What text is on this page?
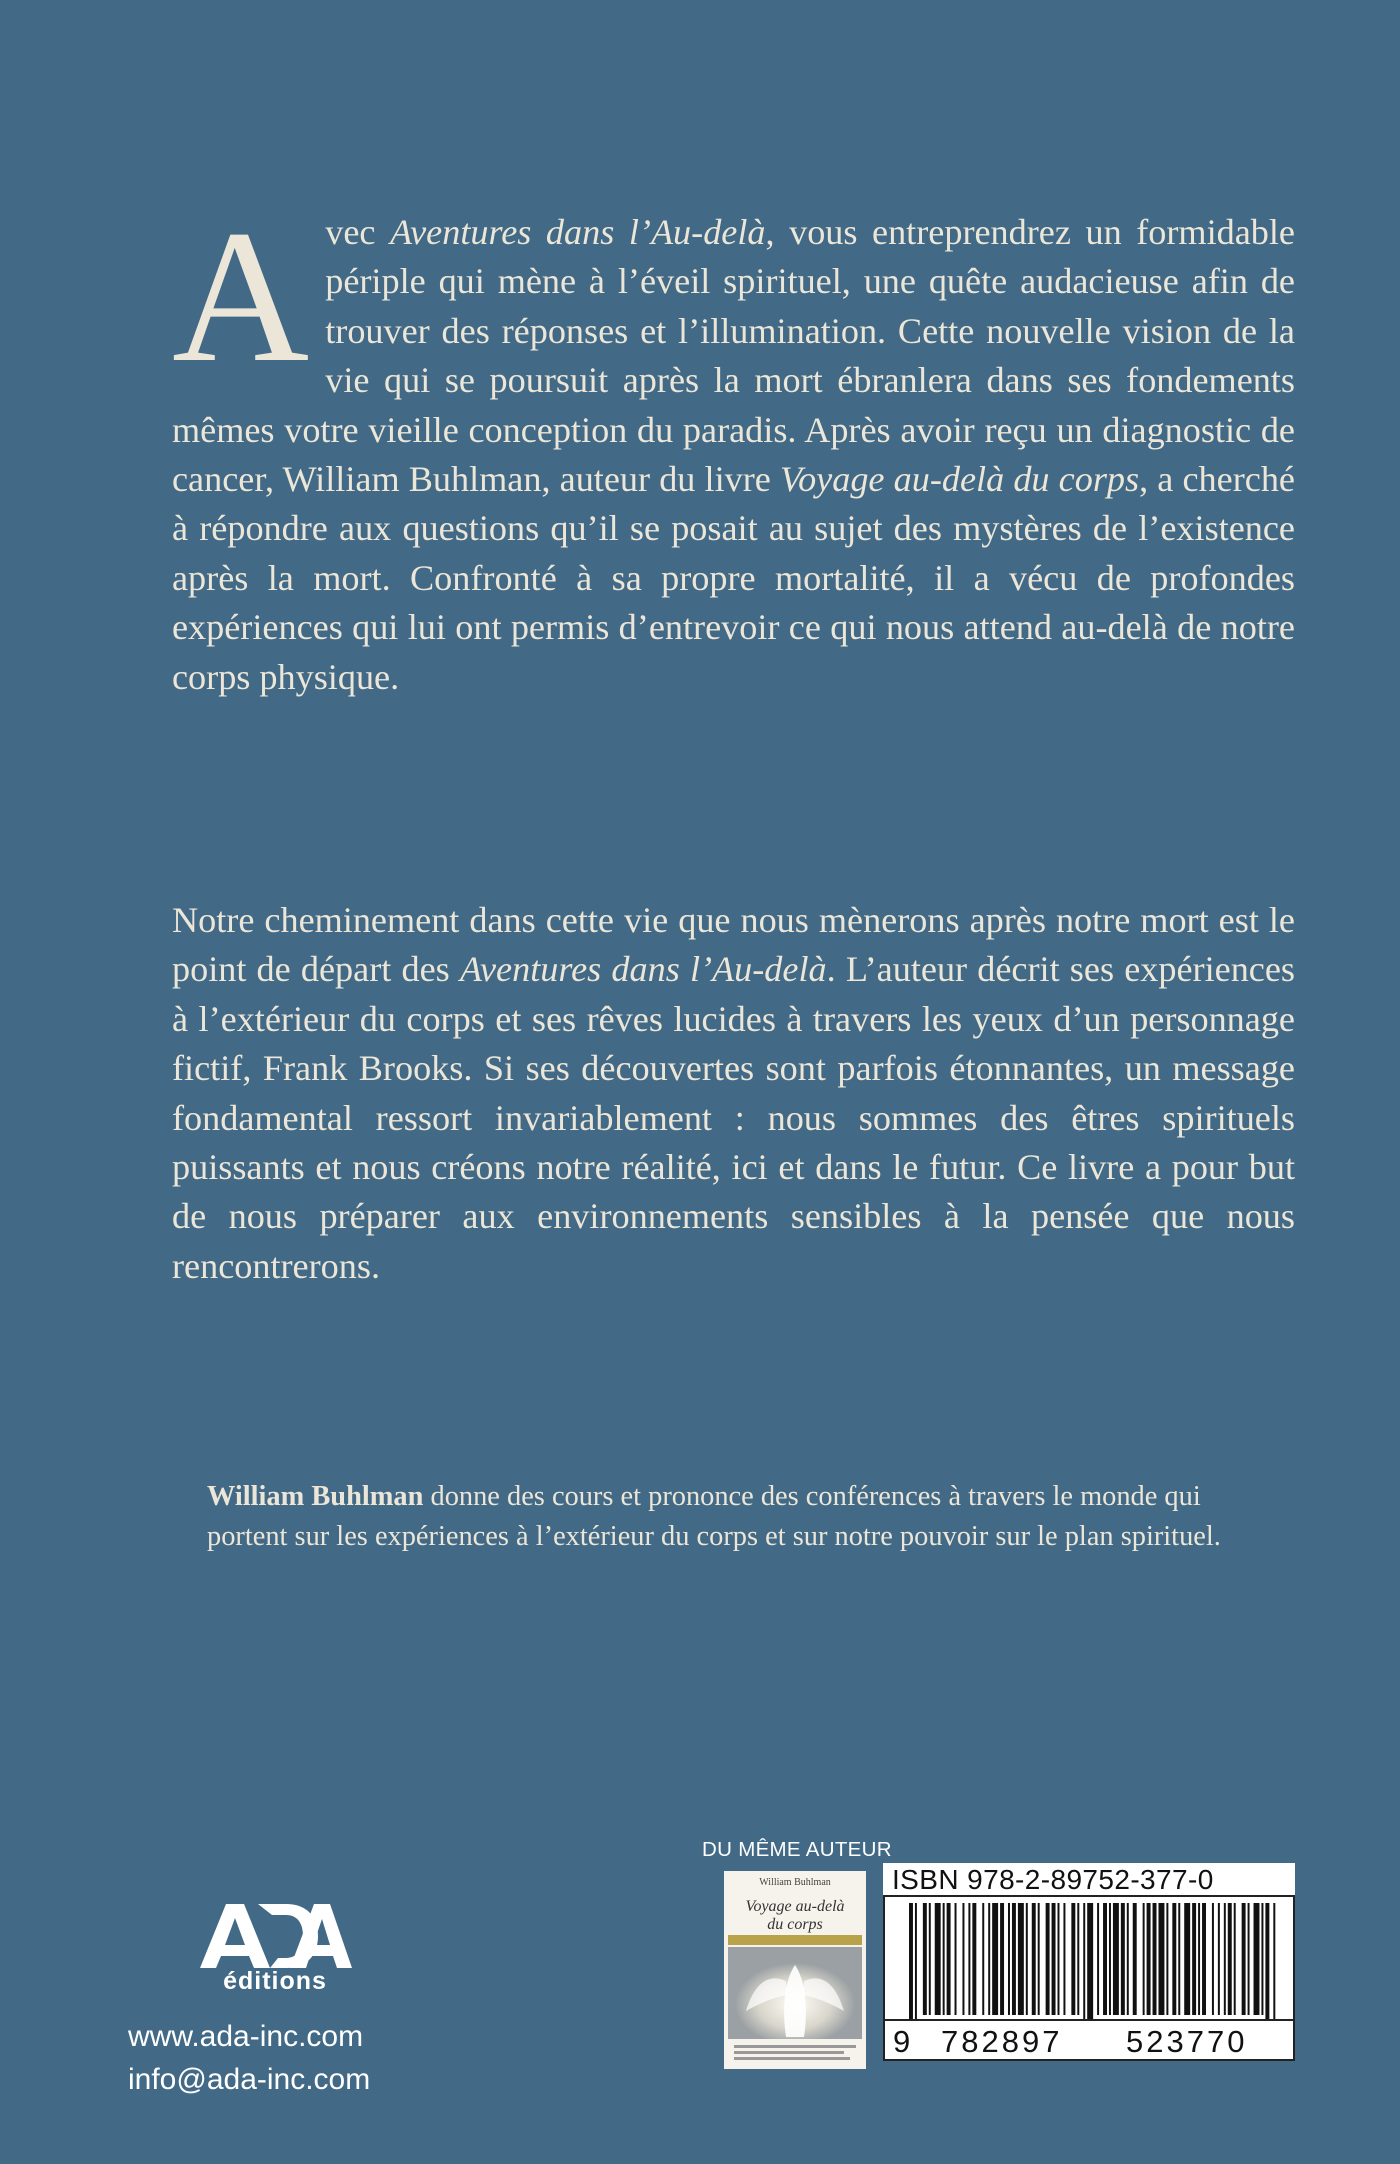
Avec Aventures dans l’Au-delà, vous entreprendrez un formidable périple qui mène à l’éveil spirituel, une quête audacieuse afin de trouver des réponses et l’illumination. Cette nouvelle vision de la vie qui se poursuit après la mort ébranlera dans ses fondements mêmes votre vieille conception du paradis. Après avoir reçu un diagnostic de cancer, William Buhlman, auteur du livre Voyage au-delà du corps, a cherché à répondre aux questions qu’il se posait au sujet des mystères de l’existence après la mort. Confronté à sa propre mortalité, il a vécu de profondes expériences qui lui ont permis d’entrevoir ce qui nous attend au-delà de notre corps physique.

Notre cheminement dans cette vie que nous mènerons après notre mort est le point de départ des Aventures dans l’Au-delà. L’auteur décrit ses expériences à l’extérieur du corps et ses rêves lucides à travers les yeux d’un personnage fictif, Frank Brooks. Si ses découvertes sont parfois étonnantes, un message fondamental ressort invariablement : nous sommes des êtres spirituels puissants et nous créons notre réalité, ici et dans le futur. Ce livre a pour but de nous préparer aux environnements sensibles à la pensée que nous rencontrerons.

William Buhlman donne des cours et prononce des conférences à travers le monde qui portent sur les expériences à l’extérieur du corps et sur notre pouvoir sur le plan spirituel.

éditions
www.ada-inc.com
info@ada-inc.com
DU MÊME AUTEUR
William Buhlman
Voyage au-delà
du corps
ISBN 978-2-89752-377-0
9 782897 523770
